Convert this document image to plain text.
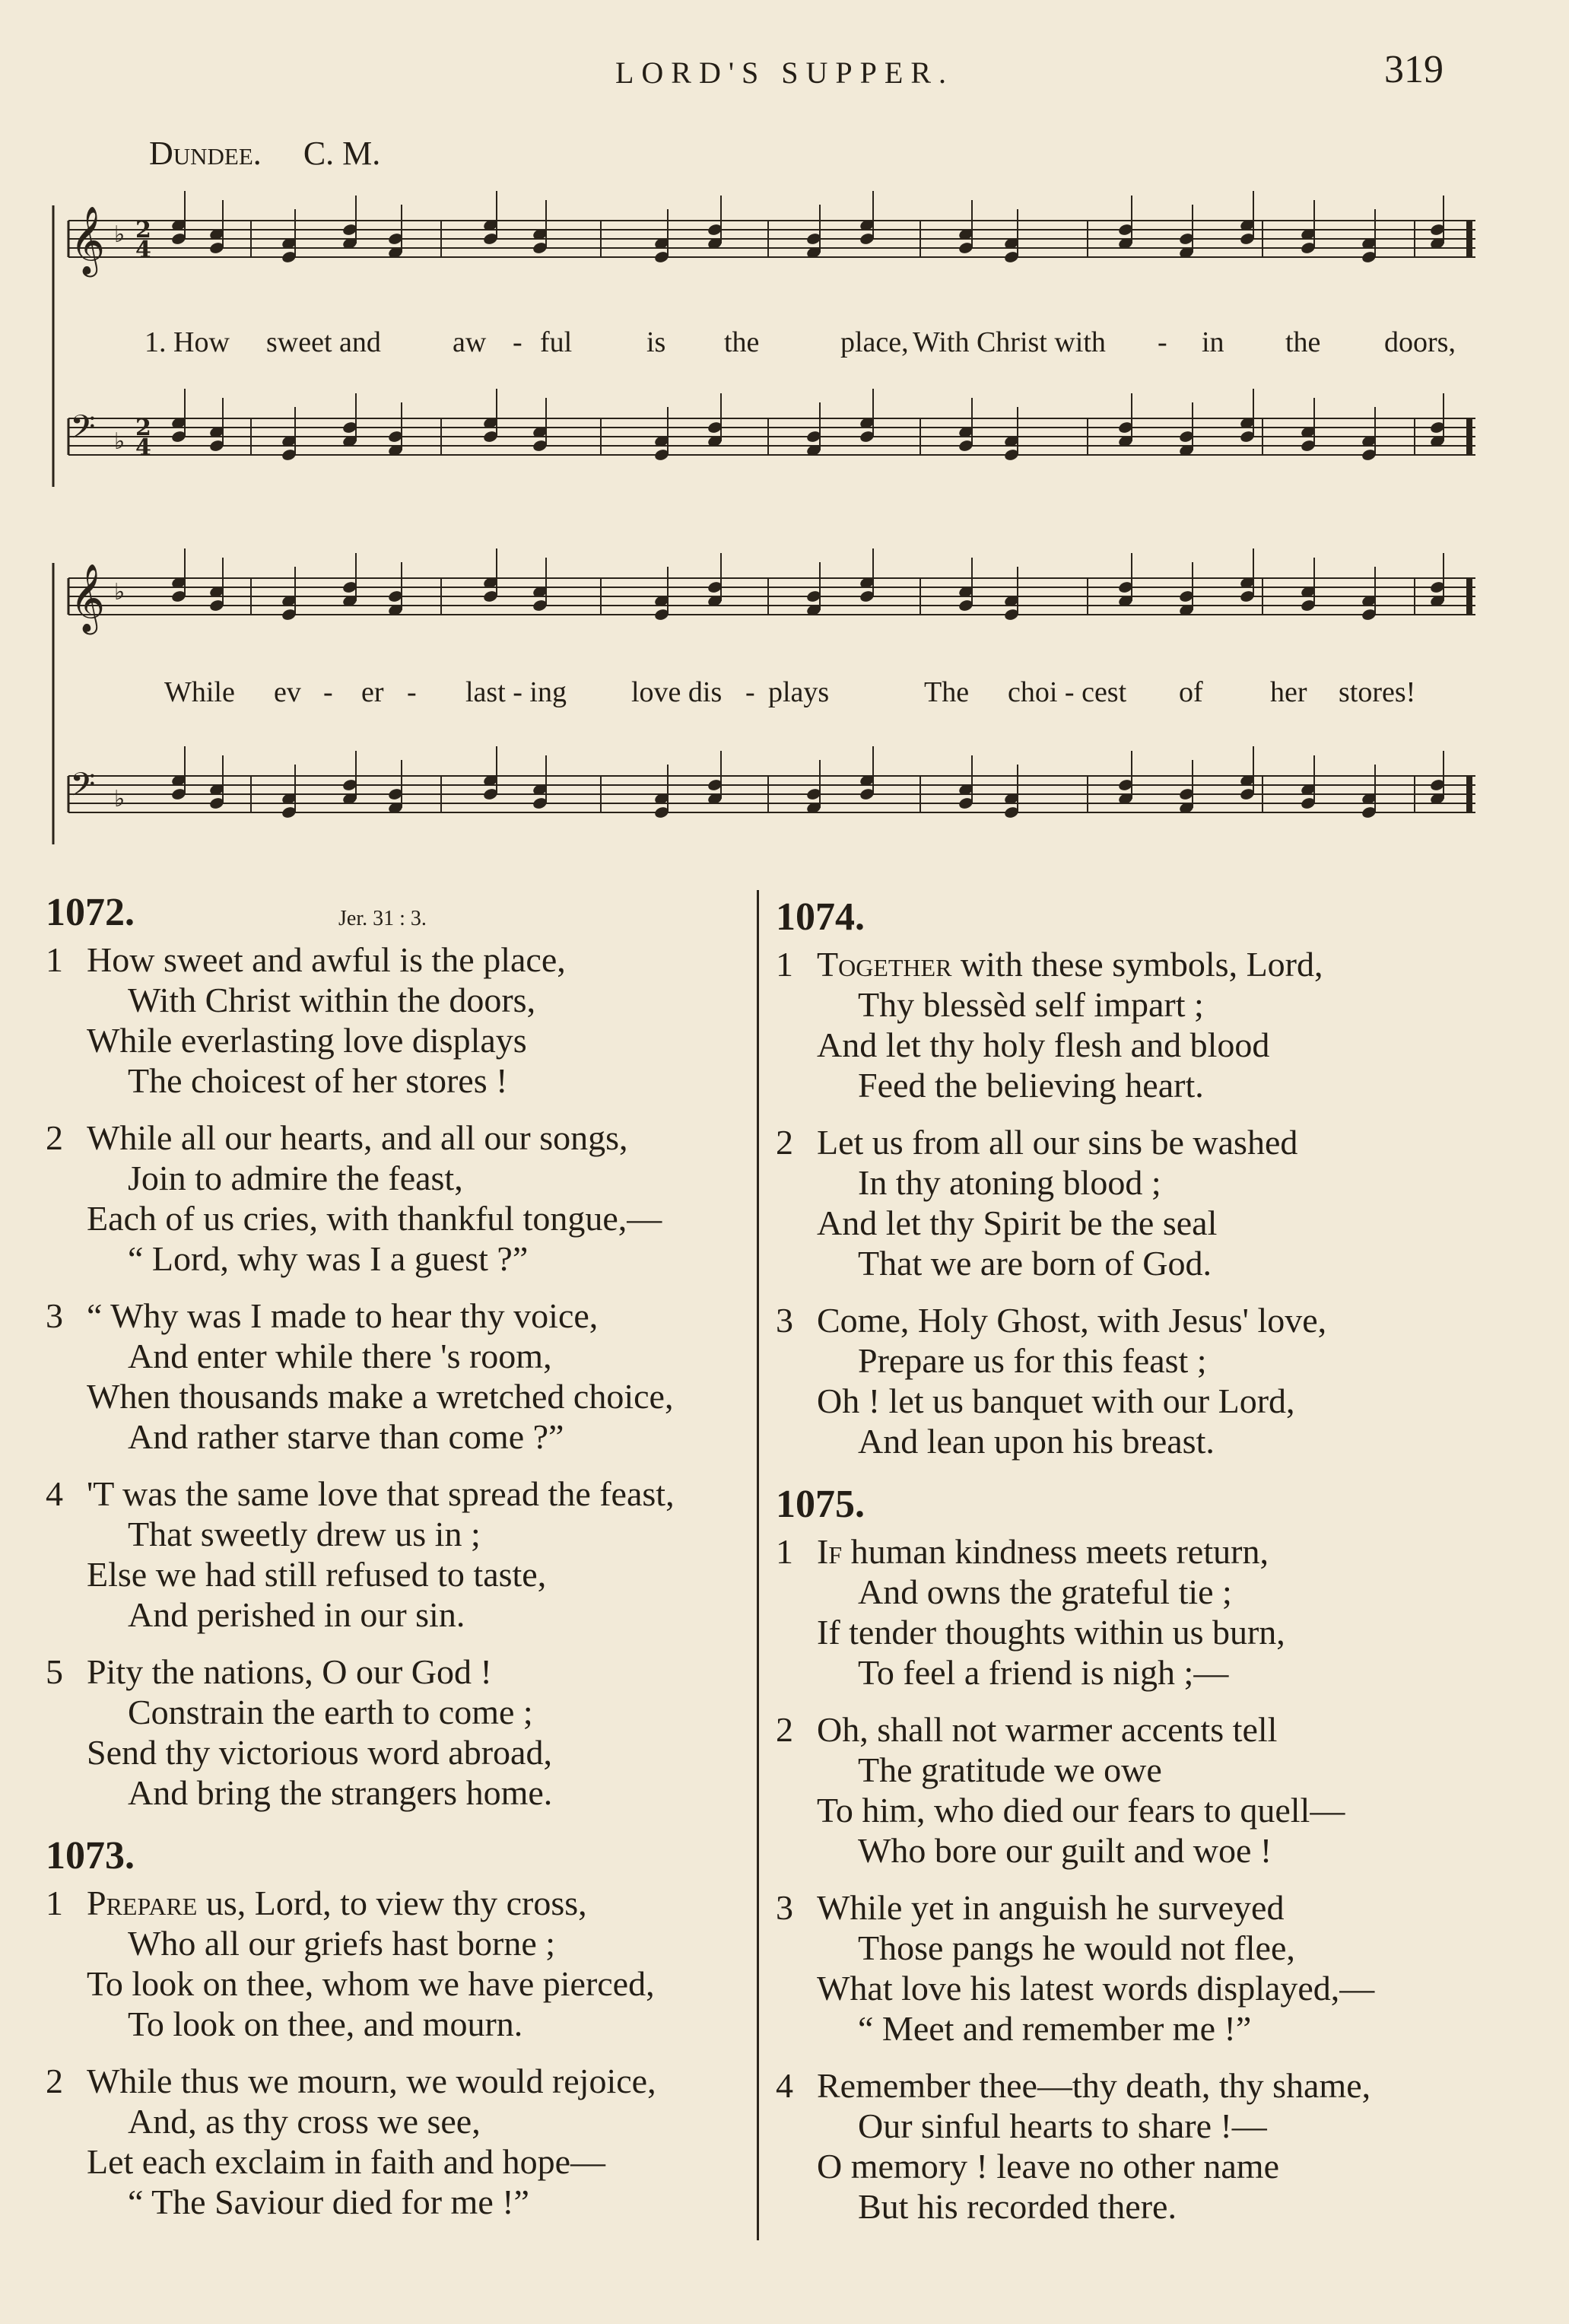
LORD'S SUPPER.	319
Dundee. C. M.
𝄞 ♭ 2
4
𝄢 ♭
2
4
1. How sweet and aw - ful	is the	place, With Christ with - in the doors,
𝄞 ♭
𝄢 ♭
While ev - er - last - ing love dis - plays	The choi - cest of her stores!
1072.	Jer. 31 : 3.
1 How sweet and awful is the place,
With Christ within the doors,
While everlasting love displays
The choicest of her stores !
2 While all our hearts, and all our songs,
Join to admire the feast,
Each of us cries, with thankful tongue,—
“ Lord, why was I a guest ?”
3 “ Why was I made to hear thy voice,
And enter while there 's room,
When thousands make a wretched choice,
And rather starve than come ?”
4 'T was the same love that spread the feast,
That sweetly drew us in ;
Else we had still refused to taste,
And perished in our sin.
5 Pity the nations, O our God !
Constrain the earth to come ;
Send thy victorious word abroad,
And bring the strangers home.
1073.
1 Prepare us, Lord, to view thy cross,
Who all our griefs hast borne ;
To look on thee, whom we have pierced,
To look on thee, and mourn.
2 While thus we mourn, we would rejoice,
And, as thy cross we see,
Let each exclaim in faith and hope—
“ The Saviour died for me !”
1074.
1 Together with these symbols, Lord,
Thy blessèd self impart ;
And let thy holy flesh and blood
Feed the believing heart.
2 Let us from all our sins be washed
In thy atoning blood ;
And let thy Spirit be the seal
That we are born of God.
3 Come, Holy Ghost, with Jesus' love,
Prepare us for this feast ;
Oh ! let us banquet with our Lord,
And lean upon his breast.
1075.
1 If human kindness meets return,
And owns the grateful tie ;
If tender thoughts within us burn,
To feel a friend is nigh ;—
2 Oh, shall not warmer accents tell
The gratitude we owe
To him, who died our fears to quell—
Who bore our guilt and woe !
3 While yet in anguish he surveyed
Those pangs he would not flee,
What love his latest words displayed,—
“ Meet and remember me !”
4 Remember thee—thy death, thy shame,
Our sinful hearts to share !—
O memory ! leave no other name
But his recorded there.
